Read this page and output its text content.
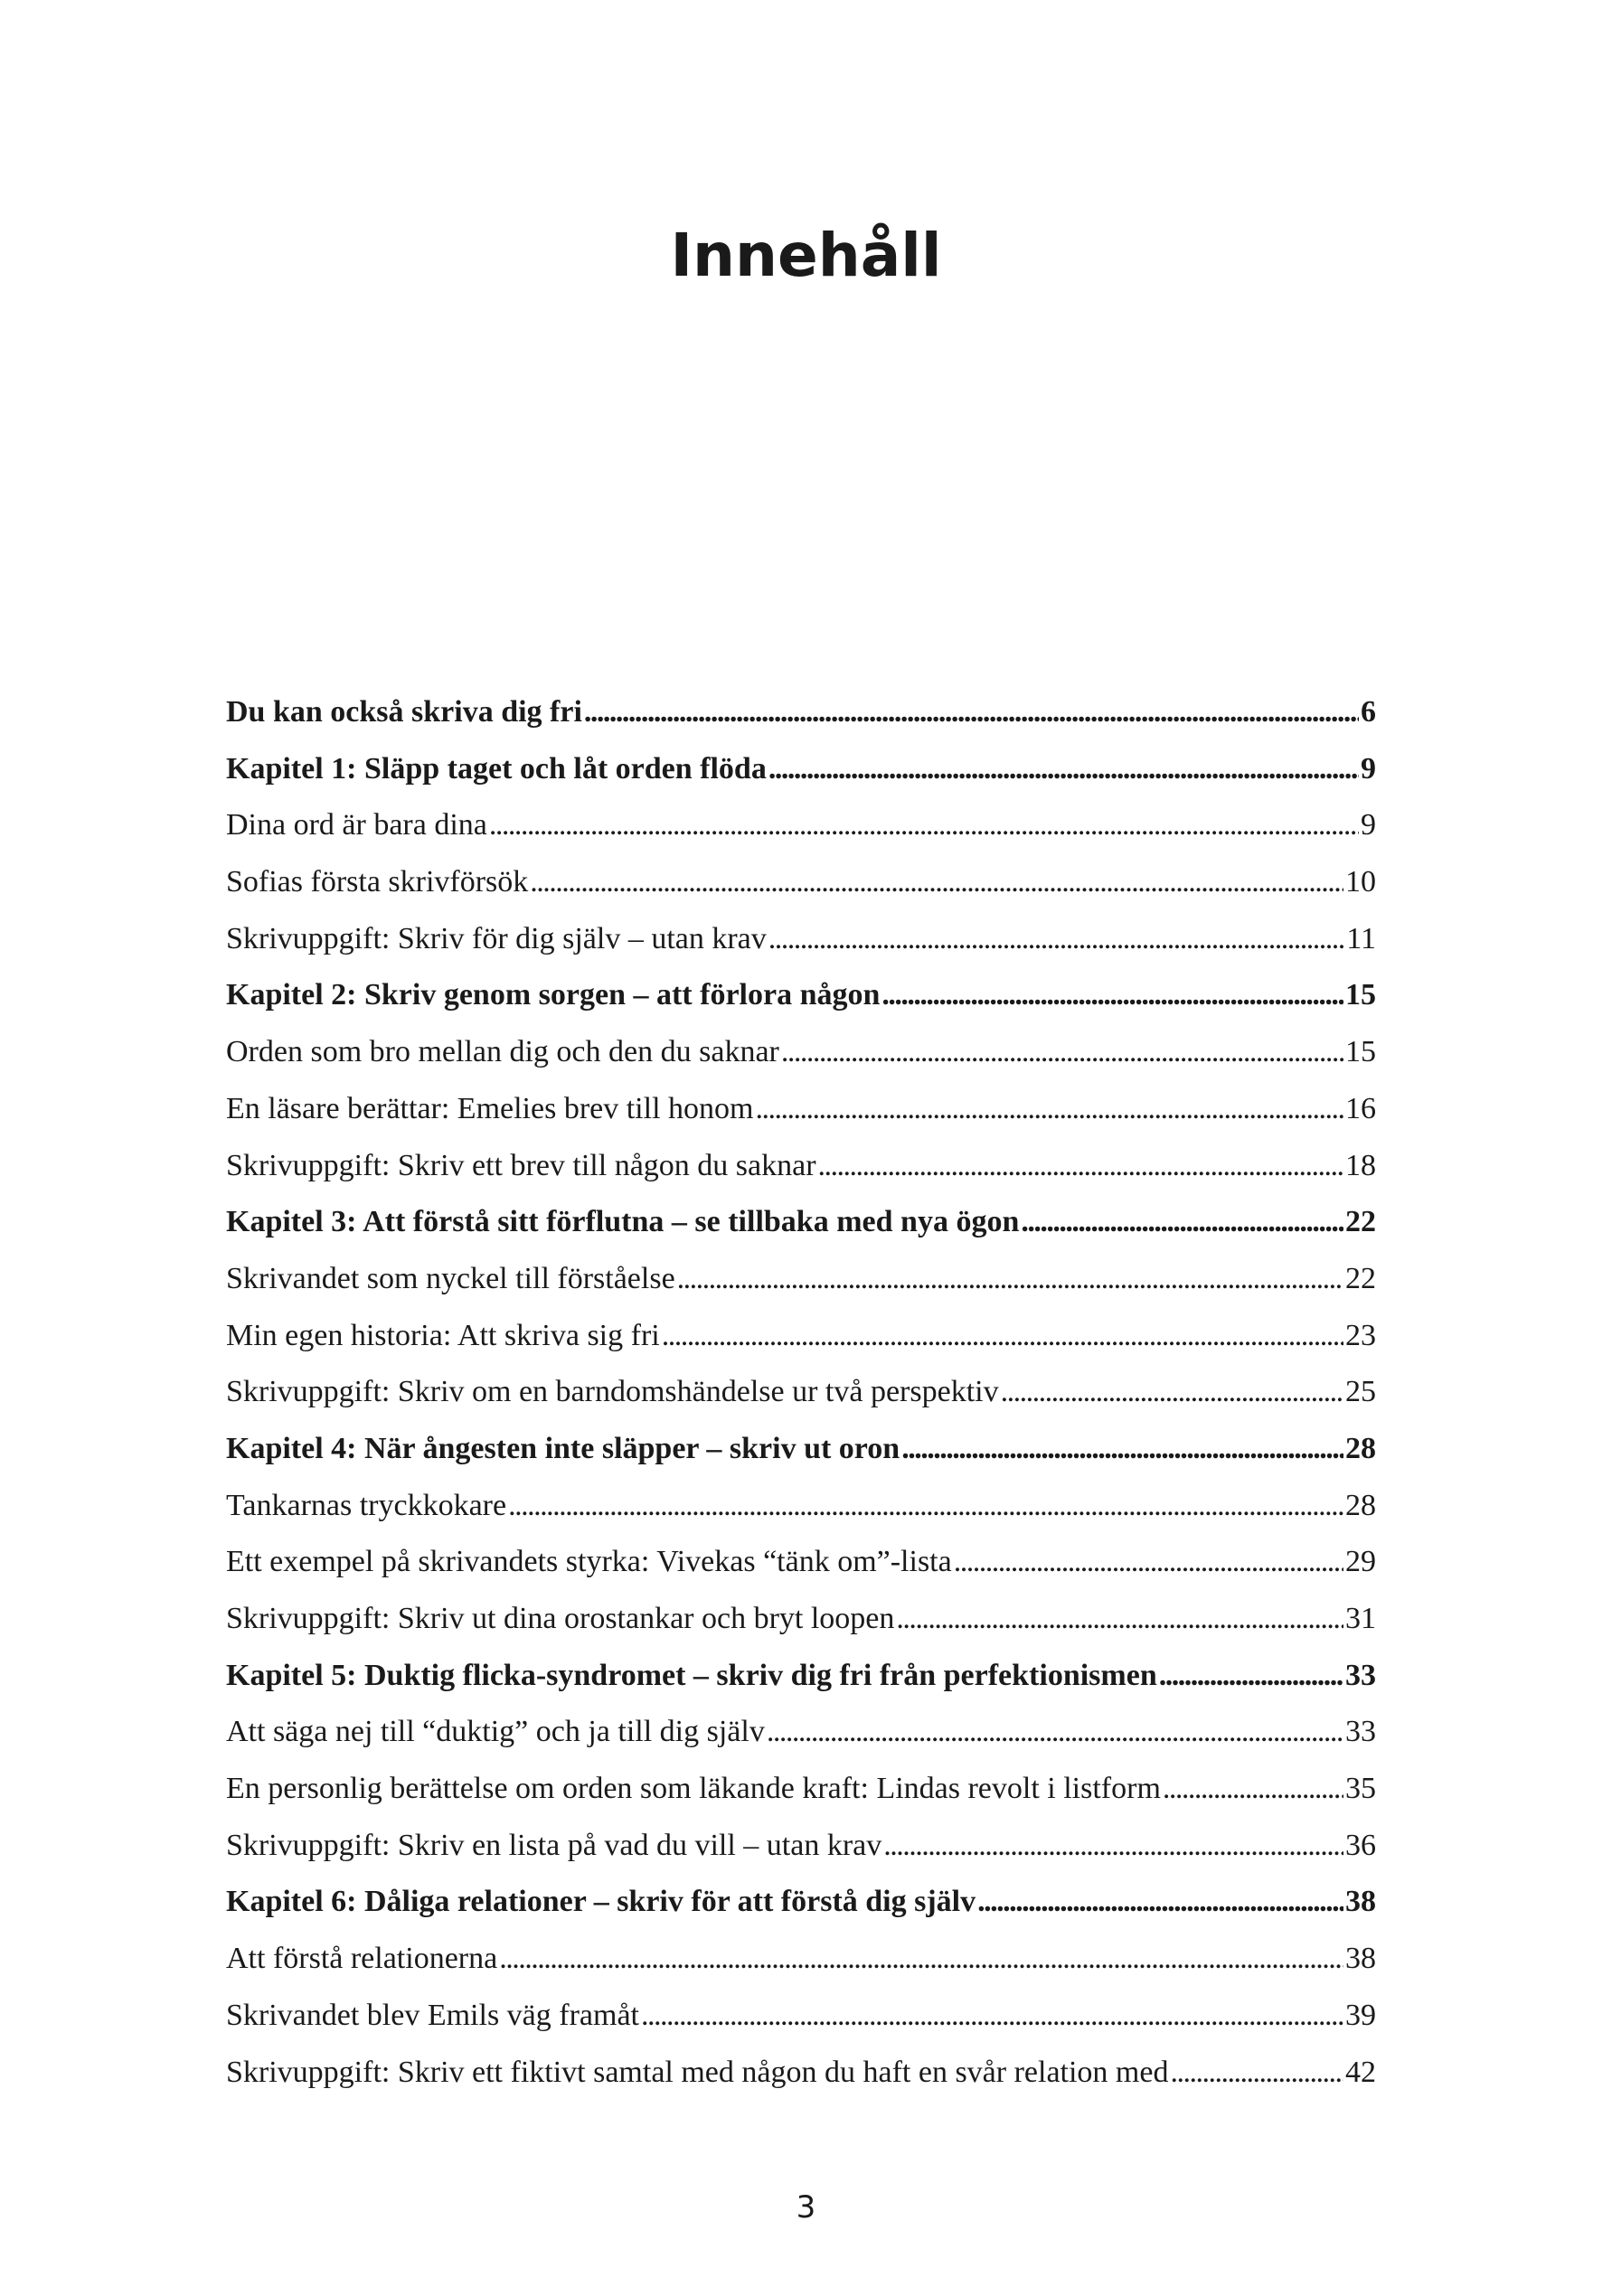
Innehåll
Du kan också skriva dig fri . . .	6
Kapitel 1: Släpp taget och låt orden flöda . . .	9
Dina ord är bara dina . . .	9
Sofias första skrivförsök . . .	10
Skrivuppgift: Skriv för dig själv – utan krav . . .	11
Kapitel 2: Skriv genom sorgen – att förlora någon . . .	15
Orden som bro mellan dig och den du saknar . . .	15
En läsare berättar: Emelies brev till honom . . .	16
Skrivuppgift: Skriv ett brev till någon du saknar . . .	18
Kapitel 3: Att förstå sitt förflutna – se tillbaka med nya ögon . . .	22
Skrivandet som nyckel till förståelse . . .	22
Min egen historia: Att skriva sig fri . . .	23
Skrivuppgift: Skriv om en barndomshändelse ur två perspektiv . . .	25
Kapitel 4: När ångesten inte släpper – skriv ut oron . . .	28
Tankarnas tryckkokare . . .	28
Ett exempel på skrivandets styrka: Vivekas “tänk om”-lista . . .	29
Skrivuppgift: Skriv ut dina orostankar och bryt loopen . . .	31
Kapitel 5: Duktig flicka-syndromet – skriv dig fri från perfektionismen . . .	33
Att säga nej till “duktig” och ja till dig själv . . .	33
En personlig berättelse om orden som läkande kraft: Lindas revolt i listform . . .	35
Skrivuppgift: Skriv en lista på vad du vill – utan krav . . .	36
Kapitel 6: Dåliga relationer – skriv för att förstå dig själv . . .	38
Att förstå relationerna . . .	38
Skrivandet blev Emils väg framåt . . .	39
Skrivuppgift: Skriv ett fiktivt samtal med någon du haft en svår relation med . . .	42
3
